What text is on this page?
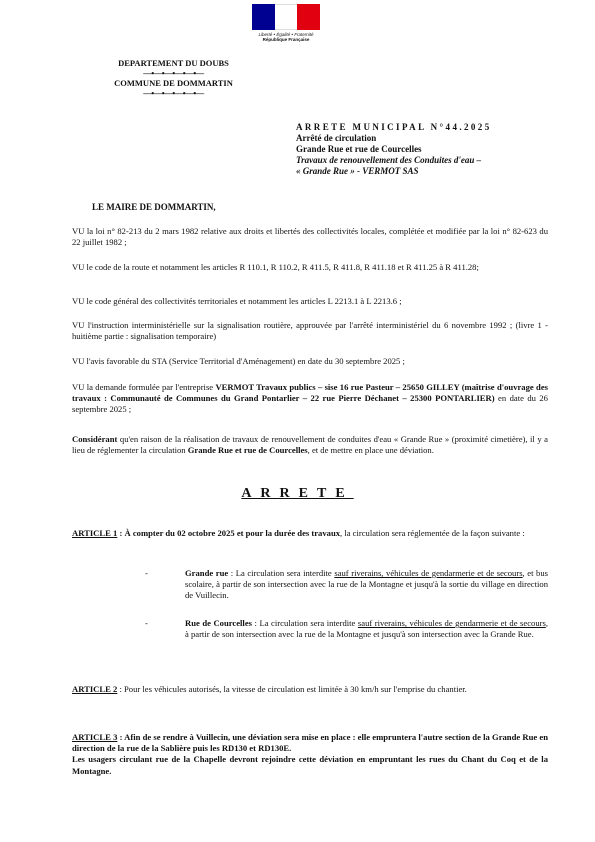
Liberté • Égalité • Fraternité
République Française
DEPARTEMENT DU DOUBS
—•—•—•—•—•—
COMMUNE DE DOMMARTIN
—•—•—•—•—•—
ARRETE MUNICIPAL N°44.2025
Arrêté de circulation
Grande Rue et rue de Courcelles
Travaux de renouvellement des Conduites d'eau –
« Grande Rue » - VERMOT SAS
LE MAIRE DE DOMMARTIN,
VU la loi n° 82-213 du 2 mars 1982 relative aux droits et libertés des collectivités locales, complétée et modifiée par la loi n° 82-623 du 22 juillet 1982 ;
VU le code de la route et notamment les articles R 110.1, R 110.2, R 411.5, R 411.8, R 411.18 et R 411.25 à R 411.28;
VU le code général des collectivités territoriales et notamment les articles L 2213.1 à L 2213.6 ;
VU l'instruction interministérielle sur la signalisation routière, approuvée par l'arrêté interministériel du 6 novembre 1992 ; (livre 1 - huitième partie : signalisation temporaire)
VU l'avis favorable du STA (Service Territorial d'Aménagement) en date du 30 septembre 2025 ;
VU la demande formulée par l'entreprise VERMOT Travaux publics – sise 16 rue Pasteur – 25650 GILLEY (maîtrise d'ouvrage des travaux : Communauté de Communes du Grand Pontarlier – 22 rue Pierre Déchanet – 25300 PONTARLIER) en date du 26 septembre 2025 ;
Considérant qu'en raison de la réalisation de travaux de renouvellement de conduites d'eau « Grande Rue » (proximité cimetière), il y a lieu de réglementer la circulation Grande Rue et rue de Courcelles, et de mettre en place une déviation.
ARRETE
ARTICLE 1 : À compter du 02 octobre 2025 et pour la durée des travaux, la circulation sera réglementée de la façon suivante :
-	Grande rue : La circulation sera interdite sauf riverains, véhicules de gendarmerie et de secours, et bus scolaire, à partir de son intersection avec la rue de la Montagne et jusqu'à la sortie du village en direction de Vuillecin.
-	Rue de Courcelles : La circulation sera interdite sauf riverains, véhicules de gendarmerie et de secours, à partir de son intersection avec la rue de la Montagne et jusqu'à son intersection avec la Grande Rue.
ARTICLE 2 : Pour les véhicules autorisés, la vitesse de circulation est limitée à 30 km/h sur l'emprise du chantier.
ARTICLE 3 : Afin de se rendre à Vuillecin, une déviation sera mise en place : elle empruntera l'autre section de la Grande Rue en direction de la rue de la Sablière puis les RD130 et RD130E.
Les usagers circulant rue de la Chapelle devront rejoindre cette déviation en empruntant les rues du Chant du Coq et de la Montagne.
